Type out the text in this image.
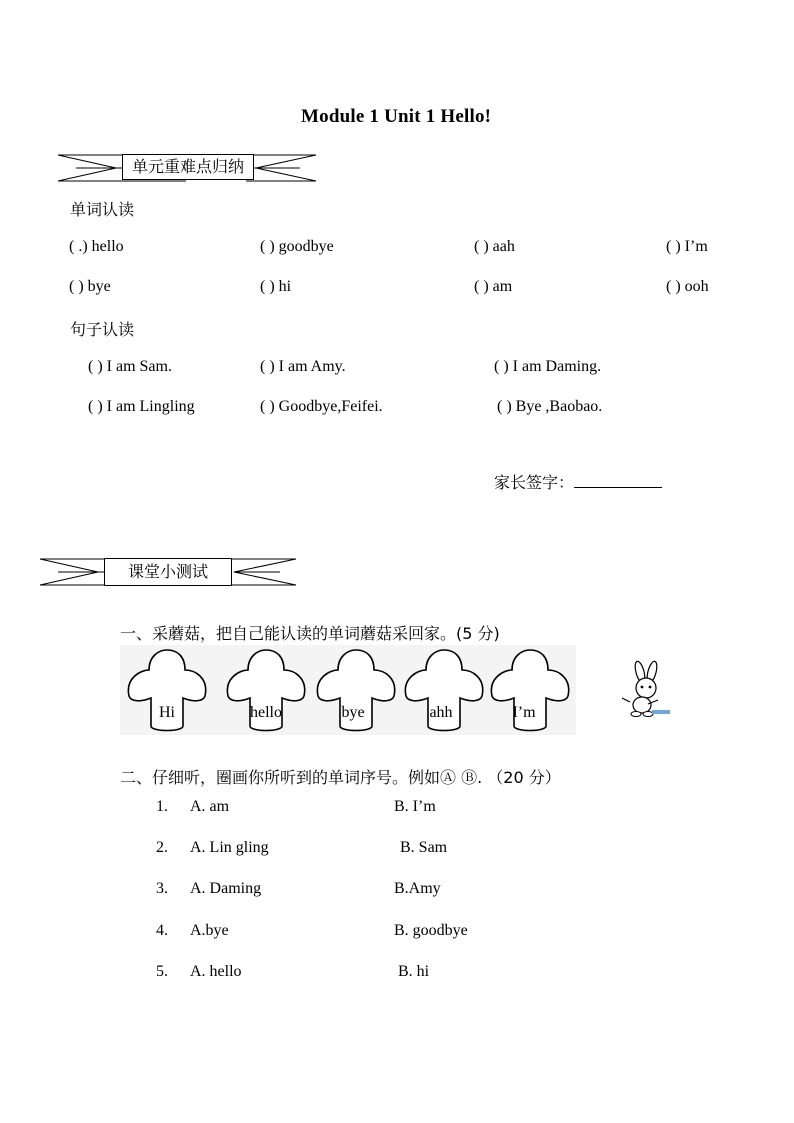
Module 1 Unit 1 Hello!
单元重难点归纳
单词认读
( .) hello	( ) goodbye	( ) aah	( ) I’m
( ) bye	( ) hi	( ) am	( ) ooh
句子认读
( ) I am Sam.	( ) I am Amy.	( ) I am Daming.
( ) I am Lingling	( ) Goodbye,Feifei.	( ) Bye ,Baobao.
家长签字：
课堂小测试
一、采蘑菇，把自己能认读的单词蘑菇采回家。(5 分)
Hi	hello	bye	ahh	I’m
二、仔细听，圈画你所听到的单词序号。例如Ⓐ Ⓑ. （20 分）
1. A. am	B. I’m
2. A. Lin gling	B. Sam
3. A. Daming	B.Amy
4. A.bye	B. goodbye
5. A. hello	B. hi
